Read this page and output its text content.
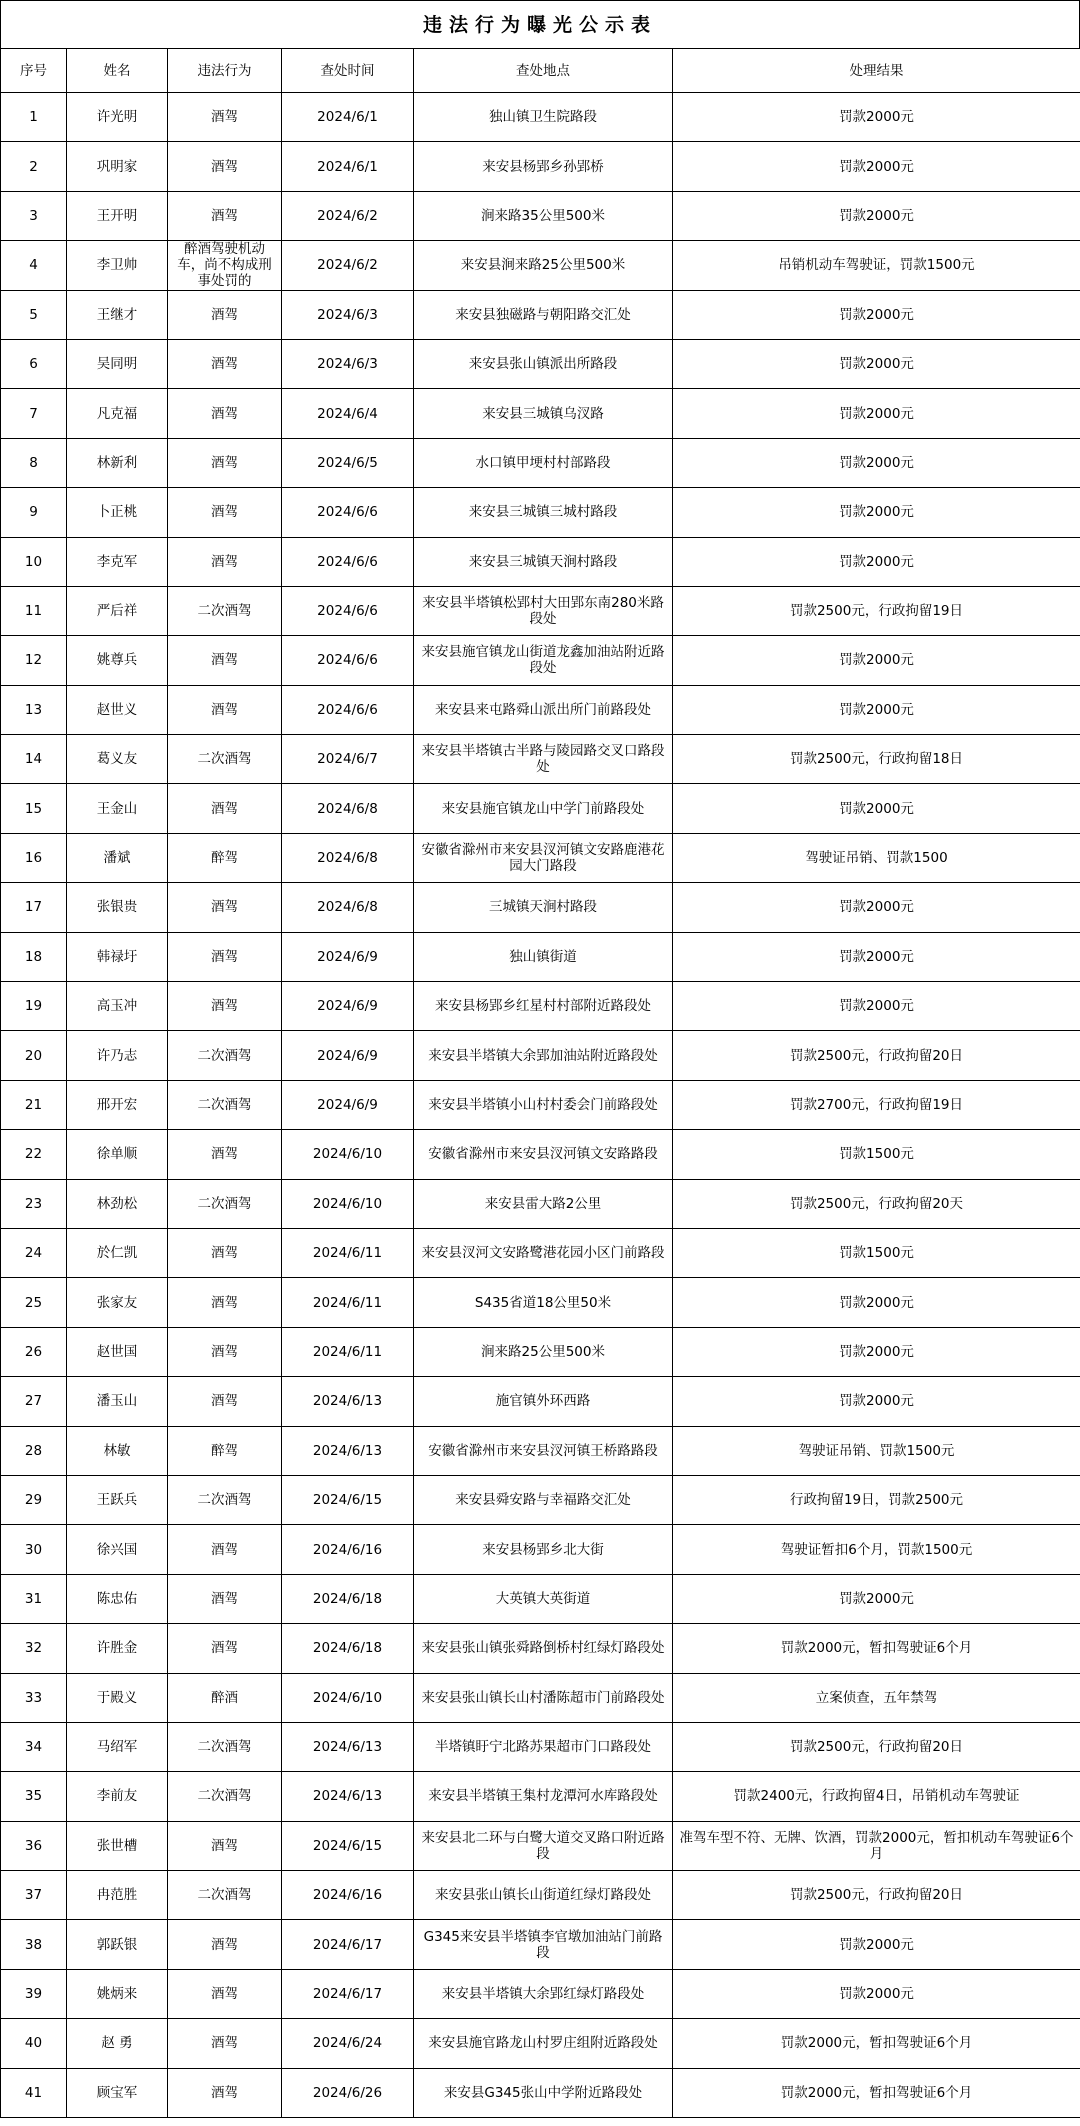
违法行为曝光公示表
序号	姓名	违法行为	查处时间	查处地点	处理结果

1	许光明	酒驾	2024/6/1	独山镇卫生院路段	罚款2000元

2	巩明家	酒驾	2024/6/1	来安县杨郢乡孙郢桥	罚款2000元

3	王开明	酒驾	2024/6/2	涧来路35公里500米	罚款2000元

4	李卫帅	醉酒驾驶机动车，尚不构成刑事处罚的	2024/6/2	来安县涧来路25公里500米	吊销机动车驾驶证，罚款1500元

5	王继才	酒驾	2024/6/3	来安县独磁路与朝阳路交汇处	罚款2000元

6	吴同明	酒驾	2024/6/3	来安县张山镇派出所路段	罚款2000元

7	凡克福	酒驾	2024/6/4	来安县三城镇乌汊路	罚款2000元

8	林新利	酒驾	2024/6/5	水口镇甲埂村村部路段	罚款2000元

9	卜正桃	酒驾	2024/6/6	来安县三城镇三城村路段	罚款2000元

10	李克军	酒驾	2024/6/6	来安县三城镇天涧村路段	罚款2000元

11	严后祥	二次酒驾	2024/6/6	来安县半塔镇松郢村大田郢东南280米路段处	罚款2500元，行政拘留19日

12	姚尊兵	酒驾	2024/6/6	来安县施官镇龙山街道龙鑫加油站附近路段处	罚款2000元

13	赵世义	酒驾	2024/6/6	来安县来屯路舜山派出所门前路段处	罚款2000元

14	葛义友	二次酒驾	2024/6/7	来安县半塔镇古半路与陵园路交叉口路段处	罚款2500元，行政拘留18日

15	王金山	酒驾	2024/6/8	来安县施官镇龙山中学门前路段处	罚款2000元

16	潘斌	醉驾	2024/6/8	安徽省滁州市来安县汊河镇文安路鹿港花园大门路段	驾驶证吊销、罚款1500

17	张银贵	酒驾	2024/6/8	三城镇天涧村路段	罚款2000元

18	韩禄圩	酒驾	2024/6/9	独山镇街道	罚款2000元

19	高玉冲	酒驾	2024/6/9	来安县杨郢乡红星村村部附近路段处	罚款2000元

20	许乃志	二次酒驾	2024/6/9	来安县半塔镇大余郢加油站附近路段处	罚款2500元，行政拘留20日

21	邢开宏	二次酒驾	2024/6/9	来安县半塔镇小山村村委会门前路段处	罚款2700元，行政拘留19日

22	徐单顺	酒驾	2024/6/10	安徽省滁州市来安县汊河镇文安路路段	罚款1500元

23	林劲松	二次酒驾	2024/6/10	来安县雷大路2公里	罚款2500元，行政拘留20天

24	於仁凯	酒驾	2024/6/11	来安县汊河文安路鹭港花园小区门前路段	罚款1500元

25	张家友	酒驾	2024/6/11	S435省道18公里50米	罚款2000元

26	赵世国	酒驾	2024/6/11	涧来路25公里500米	罚款2000元

27	潘玉山	酒驾	2024/6/13	施官镇外环西路	罚款2000元

28	林敏	醉驾	2024/6/13	安徽省滁州市来安县汊河镇王桥路路段	驾驶证吊销、罚款1500元

29	王跃兵	二次酒驾	2024/6/15	来安县舜安路与幸福路交汇处	行政拘留19日，罚款2500元

30	徐兴国	酒驾	2024/6/16	来安县杨郢乡北大街	驾驶证暂扣6个月，罚款1500元

31	陈忠佑	酒驾	2024/6/18	大英镇大英街道	罚款2000元

32	许胜金	酒驾	2024/6/18	来安县张山镇张舜路倒桥村红绿灯路段处	罚款2000元，暂扣驾驶证6个月

33	于殿义	醉酒	2024/6/10	来安县张山镇长山村潘陈超市门前路段处	立案侦查，五年禁驾

34	马绍军	二次酒驾	2024/6/13	半塔镇盱宁北路苏果超市门口路段处	罚款2500元，行政拘留20日

35	李前友	二次酒驾	2024/6/13	来安县半塔镇王集村龙潭河水库路段处	罚款2400元，行政拘留4日，吊销机动车驾驶证

36	张世槽	酒驾	2024/6/15	来安县北二环与白鹭大道交叉路口附近路段	准驾车型不符、无牌、饮酒，罚款2000元，暂扣机动车驾驶证6个月

37	冉范胜	二次酒驾	2024/6/16	来安县张山镇长山街道红绿灯路段处	罚款2500元，行政拘留20日

38	郭跃银	酒驾	2024/6/17	G345来安县半塔镇李官墩加油站门前路段	罚款2000元

39	姚炳来	酒驾	2024/6/17	来安县半塔镇大余郢红绿灯路段处	罚款2000元

40	赵 勇	酒驾	2024/6/24	来安县施官路龙山村罗庄组附近路段处	罚款2000元，暂扣驾驶证6个月

41	顾宝军	酒驾	2024/6/26	来安县G345张山中学附近路段处	罚款2000元，暂扣驾驶证6个月
